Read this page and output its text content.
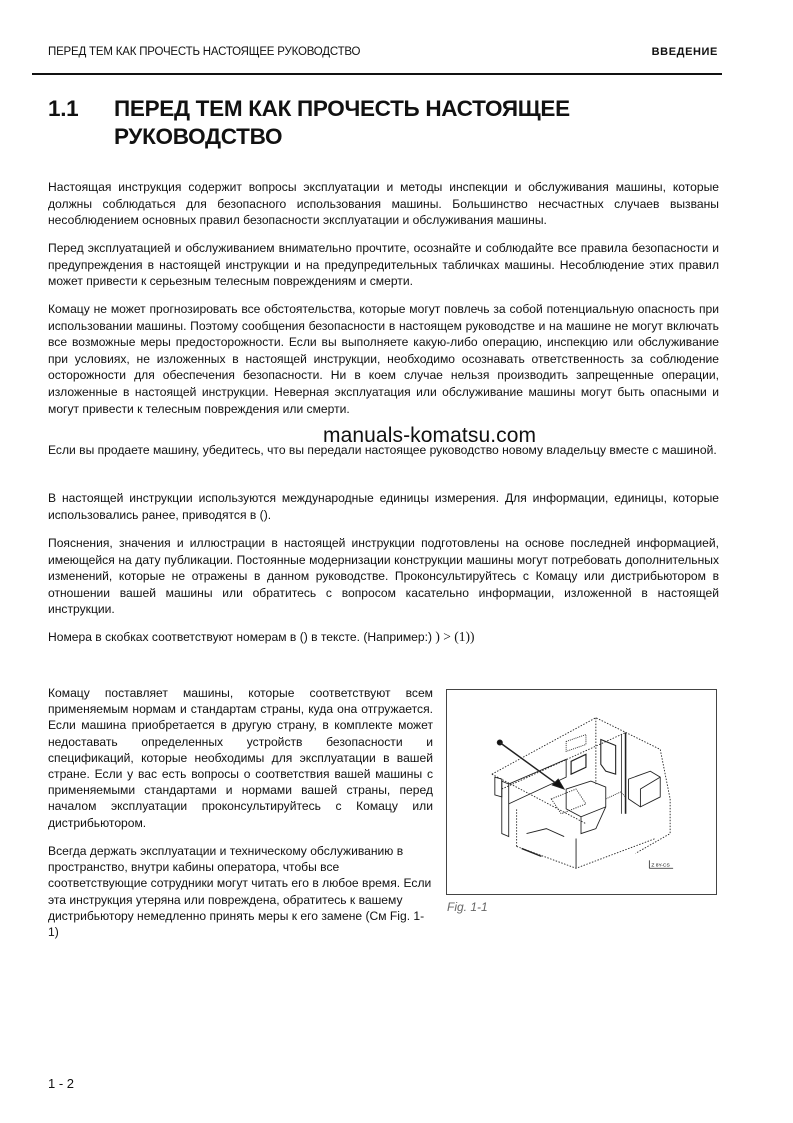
ПЕРЕД ТЕМ КАК ПРОЧЕСТЬ НАСТОЯЩЕЕ РУКОВОДСТВО	ВВЕДЕНИЕ
1.1 ПЕРЕД ТЕМ КАК ПРОЧЕСТЬ НАСТОЯЩЕЕ РУКОВОДСТВО

Настоящая инструкция содержит вопросы эксплуатации и методы инспекции и обслуживания машины, которые должны соблюдаться для безопасного использования машины. Большинство несчастных случаев вызваны несоблюдением основных правил безопасности эксплуатации и обслуживания машины.

Перед эксплуатацией и обслуживанием внимательно прочтите, осознайте и соблюдайте все правила безопасности и предупреждения в настоящей инструкции и на предупредительных табличках машины. Несоблюдение этих правил может привести к серьезным телесным повреждениям и смерти.

Комацу не может прогнозировать все обстоятельства, которые могут повлечь за собой потенциальную опасность при использовании машины. Поэтому сообщения безопасности в настоящем руководстве и на машине не могут включать все возможные меры предосторожности. Если вы выполняете какую-либо операцию, инспекцию или обслуживание при условиях, не изложенных в настоящей инструкции, необходимо осознавать ответственность за соблюдение осторожности для обеспечения безопасности. Ни в коем случае нельзя производить запрещенные операции, изложенные в настоящей инструкции. Неверная эксплуатация или обслуживание машины могут быть опасными и могут привести к телесным повреждения или смерти.

Если вы продаете машину, убедитесь, что вы передали настоящее руководство новому владельцу вместе с машиной.

В настоящей инструкции используются международные единицы измерения. Для информации, единицы, которые использовались ранее, приводятся в ().

Пояснения, значения и иллюстрации в настоящей инструкции подготовлены на основе последней информацией, имеющейся на дату публикации. Постоянные модернизации конструкции машины могут потребовать дополнительных изменений, которые не отражены в данном руководстве. Проконсультируйтесь с Комацу или дистрибьютором в отношении вашей машины или обратитесь с вопросом касательно информации, изложенной в настоящей инструкции.

Номера в скобках соответствуют номерам в () в тексте. (Например:) ) > (1))

manuals-komatsu.com

Комацу поставляет машины, которые соответствуют всем применяемым нормам и стандартам страны, куда она отгружается. Если машина приобретается в другую страну, в комплекте может недоставать определенных устройств безопасности и спецификаций, которые необходимы для эксплуатации в вашей стране. Если у вас есть вопросы о соответствия вашей машины с применяемыми стандартами и нормами вашей страны, перед началом эксплуатации проконсультируйтесь с Комацу или дистрибьютором.

Всегда держать эксплуатации и техническому обслуживанию в пространство, внутри кабины оператора, чтобы все соответствующие сотрудники могут читать его в любое время. Если эта инструкция утеряна или повреждена, обратитесь к вашему дистрибьютору немедленно принять меры к его замене (См Fig. 1-1)

Z 8Y-CS
Fig. 1-1
1 - 2
